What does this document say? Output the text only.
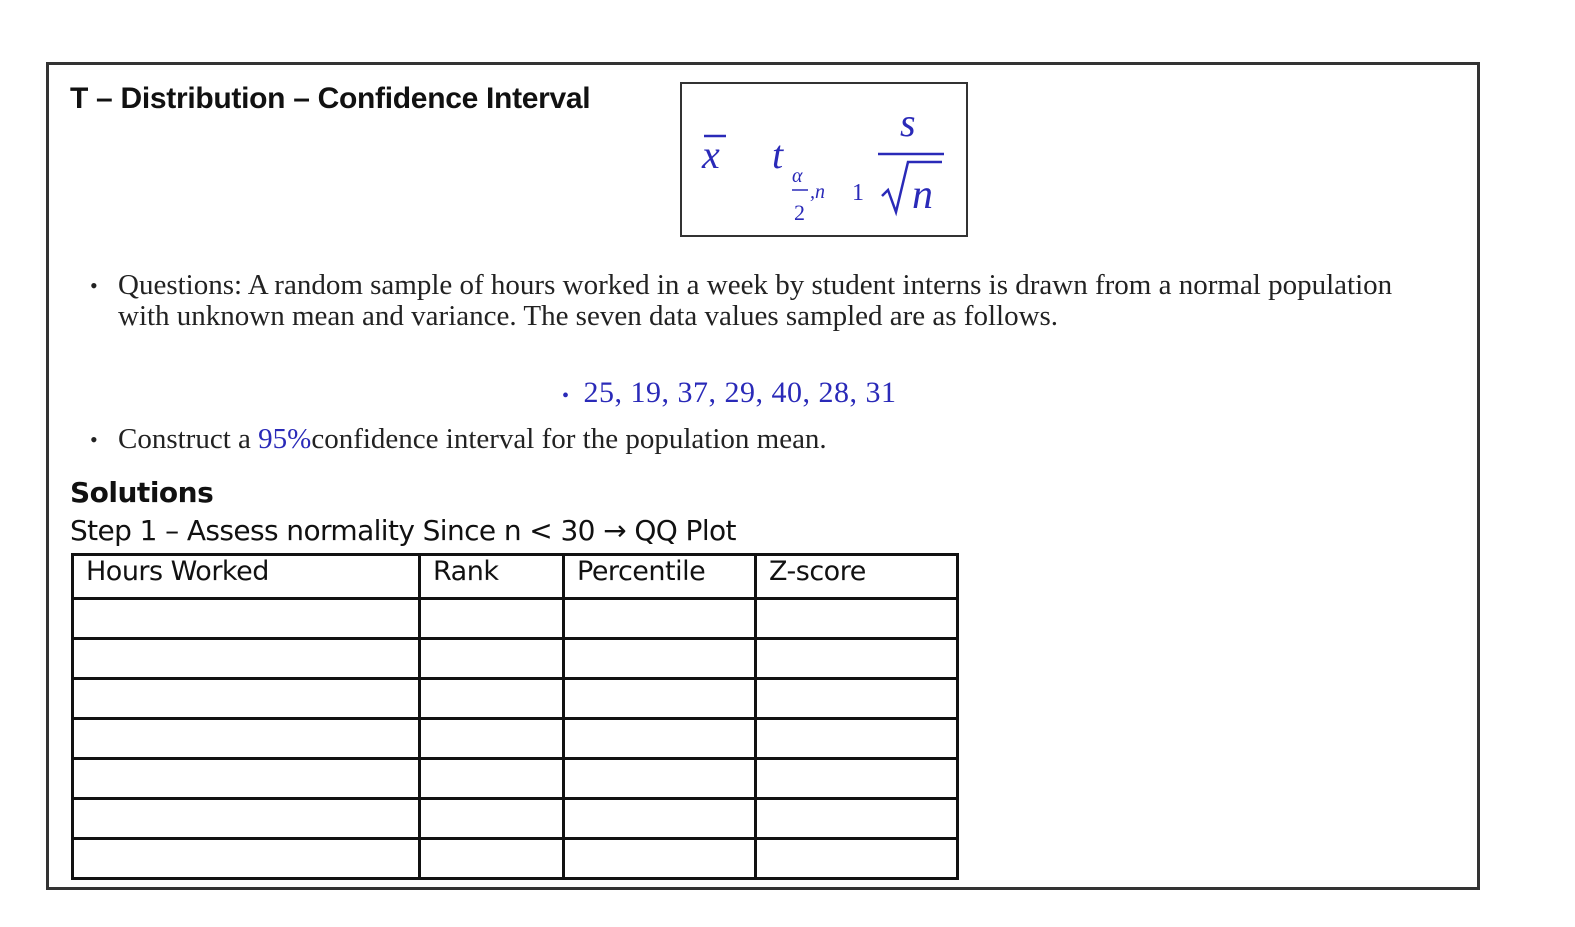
T – Distribution – Confidence Interval
x t α
2
,n 1
s
n
• Questions: A random sample of hours worked in a week by student interns is drawn from a normal population with unknown mean and variance. The seven data values sampled are as follows.
• 25, 19, 37, 29, 40, 28, 31
• Construct a 95%confidence interval for the population mean.
Solutions
Step 1 – Assess normality Since n < 30 → QQ Plot
Hours Worked	Rank	Percentile	Z-score
